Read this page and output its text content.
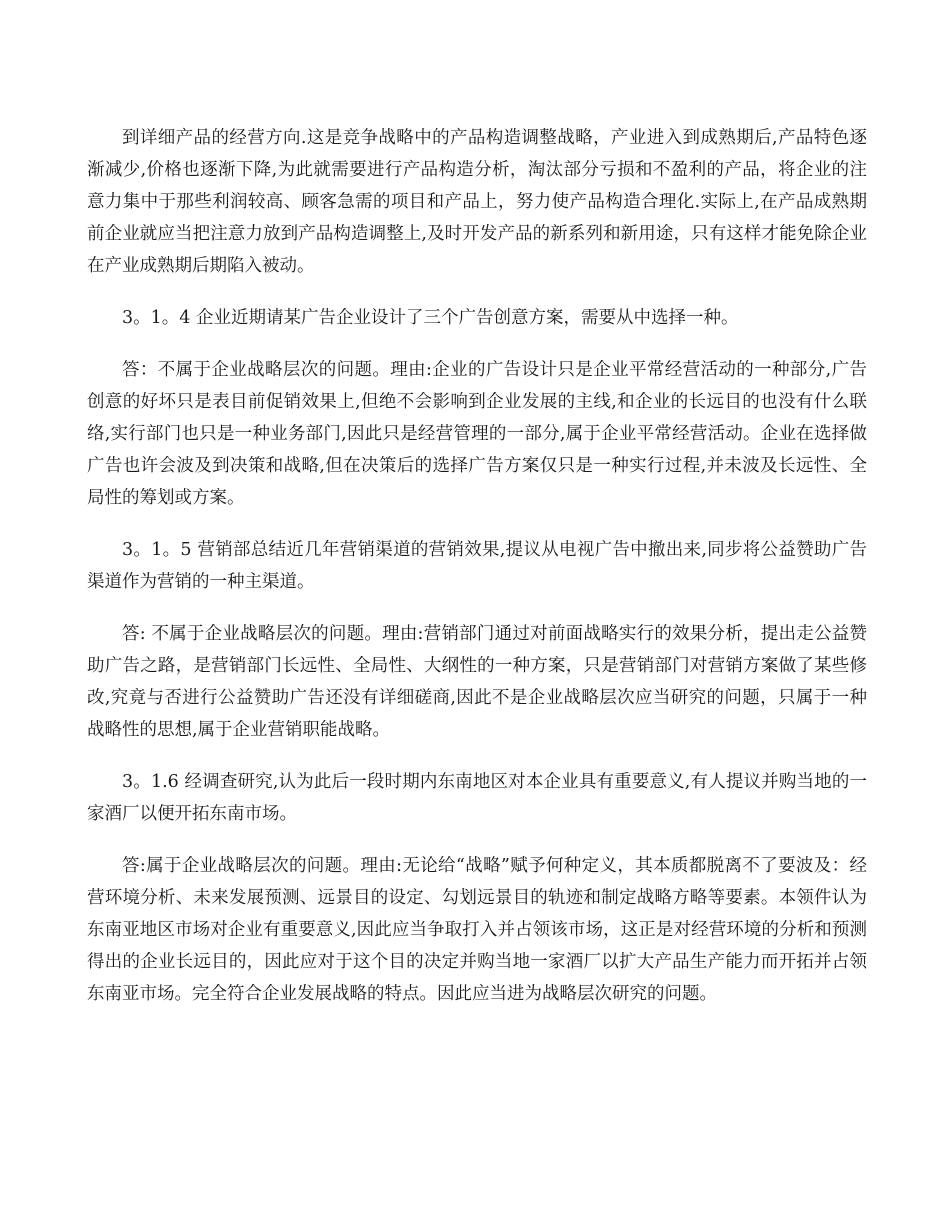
到详细产品的经营方向.这是竞争战略中的产品构造调整战略，产业进入到成熟期后,产品特色逐渐减少,价格也逐渐下降,为此就需要进行产品构造分析，淘汰部分亏损和不盈利的产品，将企业的注意力集中于那些利润较高、顾客急需的项目和产品上，努力使产品构造合理化.实际上,在产品成熟期前企业就应当把注意力放到产品构造调整上,及时开发产品的新系列和新用途，只有这样才能免除企业在产业成熟期后期陷入被动。

3。1。4 企业近期请某广告企业设计了三个广告创意方案，需要从中选择一种。

答：不属于企业战略层次的问题。理由:企业的广告设计只是企业平常经营活动的一种部分,广告创意的好坏只是表目前促销效果上,但绝不会影响到企业发展的主线,和企业的长远目的也没有什么联络,实行部门也只是一种业务部门,因此只是经营管理的一部分,属于企业平常经营活动。企业在选择做广告也许会波及到决策和战略,但在决策后的选择广告方案仅只是一种实行过程,并未波及长远性、全局性的筹划或方案。

3。1。5 营销部总结近几年营销渠道的营销效果,提议从电视广告中撤出来,同步将公益赞助广告渠道作为营销的一种主渠道。

答: 不属于企业战略层次的问题。理由:营销部门通过对前面战略实行的效果分析，提出走公益赞助广告之路，是营销部门长远性、全局性、大纲性的一种方案，只是营销部门对营销方案做了某些修改,究竟与否进行公益赞助广告还没有详细磋商,因此不是企业战略层次应当研究的问题，只属于一种战略性的思想,属于企业营销职能战略。

3。1.6 经调查研究,认为此后一段时期内东南地区对本企业具有重要意义,有人提议并购当地的一家酒厂以便开拓东南市场。

答:属于企业战略层次的问题。理由:无论给“战略”赋予何种定义，其本质都脱离不了要波及：经营环境分析、未来发展预测、远景目的设定、勾划远景目的轨迹和制定战略方略等要素。本领件认为东南亚地区市场对企业有重要意义,因此应当争取打入并占领该市场，这正是对经营环境的分析和预测得出的企业长远目的，因此应对于这个目的决定并购当地一家酒厂以扩大产品生产能力而开拓并占领东南亚市场。完全符合企业发展战略的特点。因此应当进为战略层次研究的问题。
